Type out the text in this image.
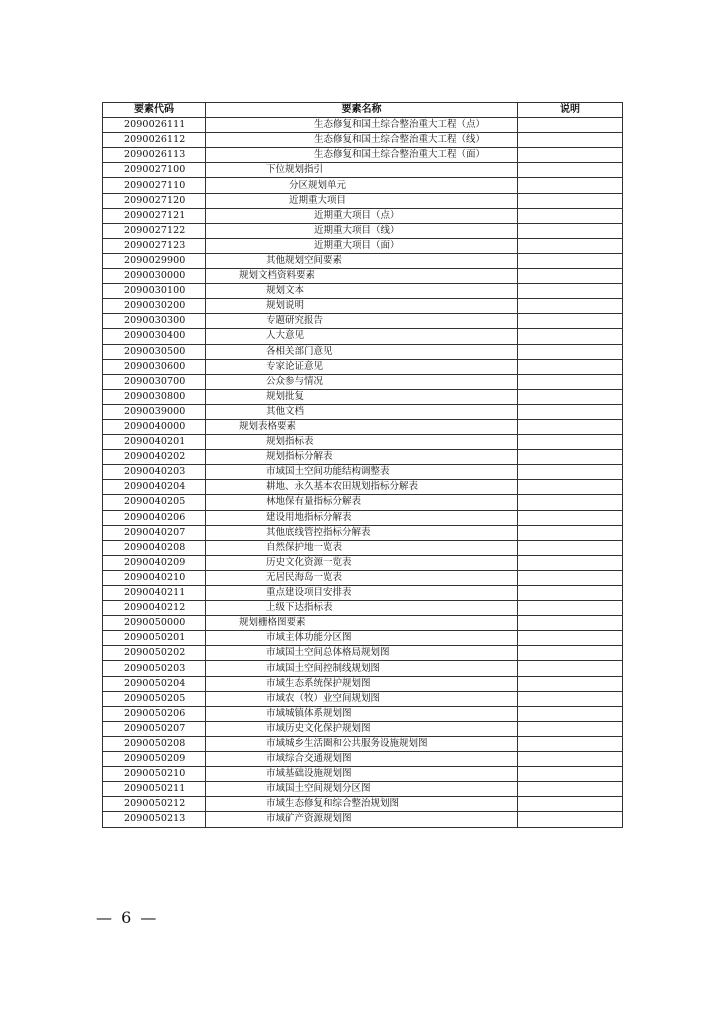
要素代码	要素名称	说明
2090026111	生态修复和国土综合整治重大工程（点）	
2090026112	生态修复和国土综合整治重大工程（线）	
2090026113	生态修复和国土综合整治重大工程（面）	
2090027100	下位规划指引	
2090027110	分区规划单元	
2090027120	近期重大项目	
2090027121	近期重大项目（点）	
2090027122	近期重大项目（线）	
2090027123	近期重大项目（面）	
2090029900	其他规划空间要素	
2090030000	规划文档资料要素	
2090030100	规划文本	
2090030200	规划说明	
2090030300	专题研究报告	
2090030400	人大意见	
2090030500	各相关部门意见	
2090030600	专家论证意见	
2090030700	公众参与情况	
2090030800	规划批复	
2090039000	其他文档	
2090040000	规划表格要素	
2090040201	规划指标表	
2090040202	规划指标分解表	
2090040203	市域国土空间功能结构调整表	
2090040204	耕地、永久基本农田规划指标分解表	
2090040205	林地保有量指标分解表	
2090040206	建设用地指标分解表	
2090040207	其他底线管控指标分解表	
2090040208	自然保护地一览表	
2090040209	历史文化资源一览表	
2090040210	无居民海岛一览表	
2090040211	重点建设项目安排表	
2090040212	上级下达指标表	
2090050000	规划栅格图要素	
2090050201	市域主体功能分区图	
2090050202	市域国土空间总体格局规划图	
2090050203	市域国土空间控制线规划图	
2090050204	市域生态系统保护规划图	
2090050205	市域农（牧）业空间规划图	
2090050206	市域城镇体系规划图	
2090050207	市域历史文化保护规划图	
2090050208	市域城乡生活圈和公共服务设施规划图	
2090050209	市域综合交通规划图	
2090050210	市域基础设施规划图	
2090050211	市域国土空间规划分区图	
2090050212	市域生态修复和综合整治规划图	
2090050213	市域矿产资源规划图	
— 6 —
